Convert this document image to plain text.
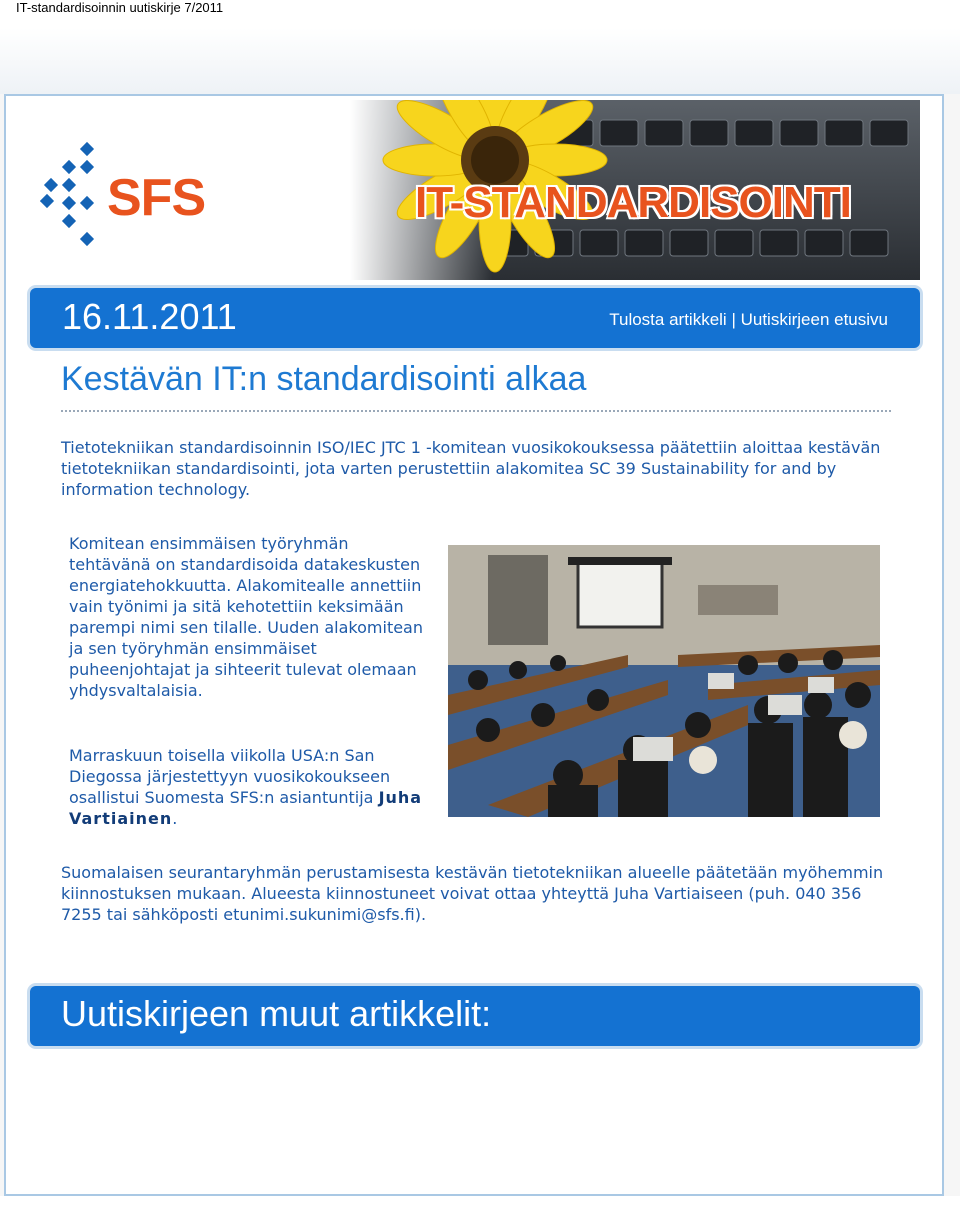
IT-standardisoinnin uutiskirje 7/2011
SFS	IT-STANDARDISOINTI
16.11.2011	Tulosta artikkeli | Uutiskirjeen etusivu
Kestävän IT:n standardisointi alkaa

Tietotekniikan standardisoinnin ISO/IEC JTC 1 -komitean vuosikokouksessa päätettiin aloittaa kestävän tietotekniikan standardisointi, jota varten perustettiin alakomitea SC 39 Sustainability for and by information technology.

Komitean ensimmäisen työryhmän tehtävänä on standardisoida datakeskusten energiatehokkuutta. Alakomitealle annettiin vain työnimi ja sitä kehotettiin keksimään parempi nimi sen tilalle. Uuden alakomitean ja sen työryhmän ensimmäiset puheenjohtajat ja sihteerit tulevat olemaan yhdysvaltalaisia.

Marraskuun toisella viikolla USA:n San Diegossa järjestettyyn vuosikokoukseen osallistui Suomesta SFS:n asiantuntija Juha Vartiainen.

Suomalaisen seurantaryhmän perustamisesta kestävän tietotekniikan alueelle päätetään myöhemmin kiinnostuksen mukaan. Alueesta kiinnostuneet voivat ottaa yhteyttä Juha Vartiaiseen (puh. 040 356 7255 tai sähköposti etunimi.sukunimi@sfs.fi).

Uutiskirjeen muut artikkelit:
